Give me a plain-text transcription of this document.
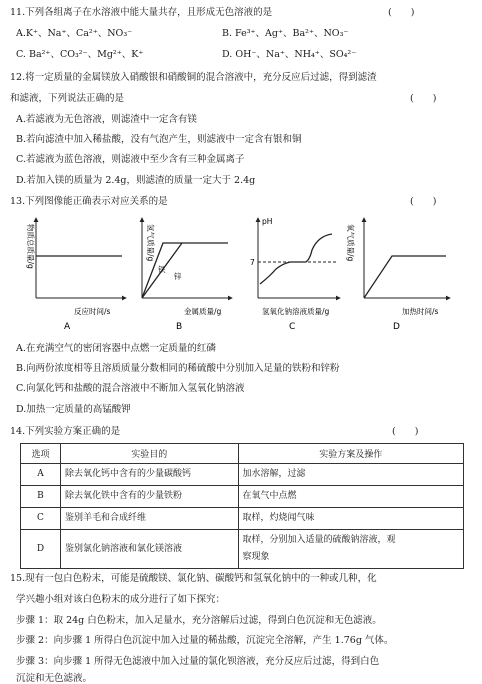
11.下列各组离子在水溶液中能大量共存，且形成无色溶液的是	(　　)
A.K⁺、Na⁺、Ca²⁺、NO₃⁻	B. Fe³⁺、Ag⁺、Ba²⁺、NO₃⁻
C. Ba²⁺、CO₃²⁻、Mg²⁺、K⁺	D. OH⁻、Na⁺、NH₄⁺、SO₄²⁻
12.将一定质量的金属镁放入硝酸银和硝酸铜的混合溶液中，充分反应后过滤，得到滤渣
和滤液，下列说法正确的是	(　　)
A.若滤液为无色溶液，则滤渣中一定含有镁
B.若向滤渣中加入稀盐酸，没有气泡产生，则滤液中一定含有银和铜
C.若滤液为蓝色溶液，则滤液中至少含有三种金属离子
D.若加入镁的质量为 2.4g，则滤渣的质量一定大于 2.4g
13.下列图像能正确表示对应关系的是	(　　)
物质总质量/g
反应时间/s
A
氢气质量/g
铁
锌
金属质量/g
B
pH
7
氢氧化钠溶液质量/g
C
氧气质量/g
加热时间/s
D
A.在充满空气的密闭容器中点燃一定质量的红磷
B.向两份浓度相等且溶质质量分数相同的稀硫酸中分别加入足量的铁粉和锌粉
C.向氯化钙和盐酸的混合溶液中不断加入氢氧化钠溶液
D.加热一定质量的高锰酸钾
14.下列实验方案正确的是	(　　)
选项	实验目的	实验方案及操作
A	除去氧化钙中含有的少量碳酸钙	加水溶解，过滤
B	除去氧化铁中含有的少量铁粉	在氧气中点燃
C	鉴别羊毛和合成纤维	取样，灼烧闻气味
D	鉴别氯化钠溶液和氯化镁溶液	取样，分别加入适量的硫酸钠溶液，观
察现象
15.现有一包白色粉末，可能是硫酸镁、氯化钠、碳酸钙和氢氧化钠中的一种或几种，化
学兴趣小组对该白色粉末的成分进行了如下探究：
步骤 1：取 24g 白色粉末，加入足量水，充分溶解后过滤，得到白色沉淀和无色滤液。
步骤 2：向步骤 1 所得白色沉淀中加入过量的稀盐酸，沉淀完全溶解，产生 1.76g 气体。
步骤 3：向步骤 1 所得无色滤液中加入过量的氯化钡溶液，充分反应后过滤，得到白色
沉淀和无色滤液。
